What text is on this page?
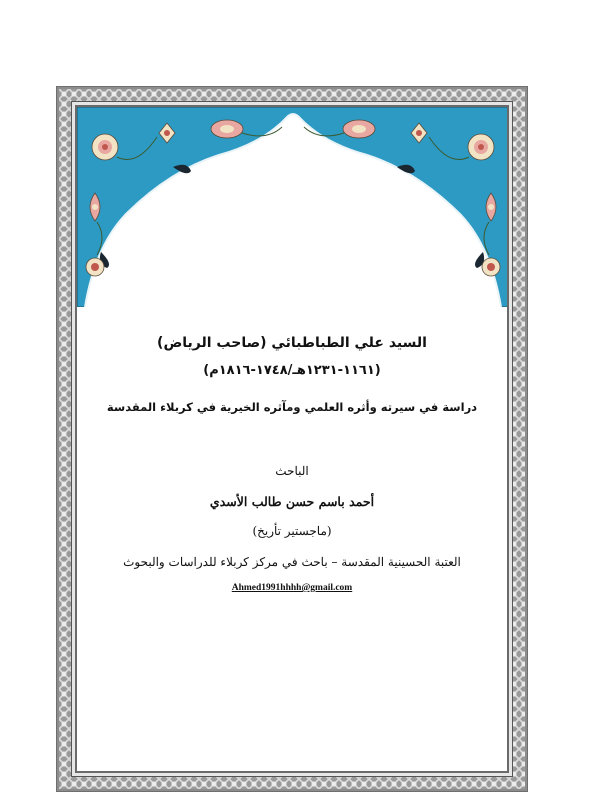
السيد علي الطباطبائي (صاحب الرياض)
(١١٦١-١٢٣١هـ/١٧٤٨-١٨١٦م)
دراسة في سيرته وأثره العلمي ومآثره الخيرية في كربلاء المقدسة
الباحث
أحمد باسم حسن طالب الأسدي
(ماجستير تأريخ)
العتبة الحسينية المقدسة – باحث في مركز كربلاء للدراسات والبحوث
Ahmed1991hhhh@gmail.com
